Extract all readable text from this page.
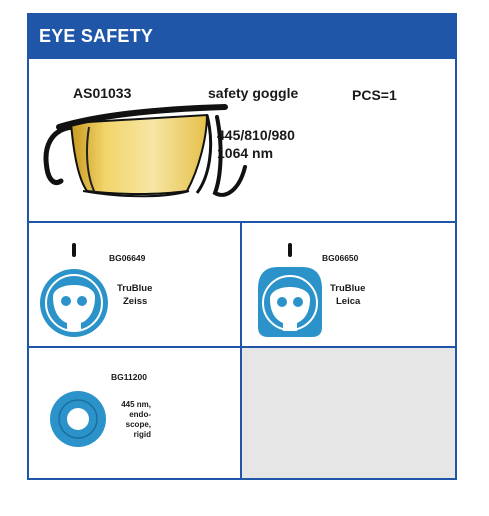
EYE SAFETY
AS01033	safety goggle	PCS=1
445/810/980
1064 nm
BG06649
TruBlue
Zeiss
BG06650
TruBlue
Leica
BG11200
445 nm,
endo-
scope,
rigid
